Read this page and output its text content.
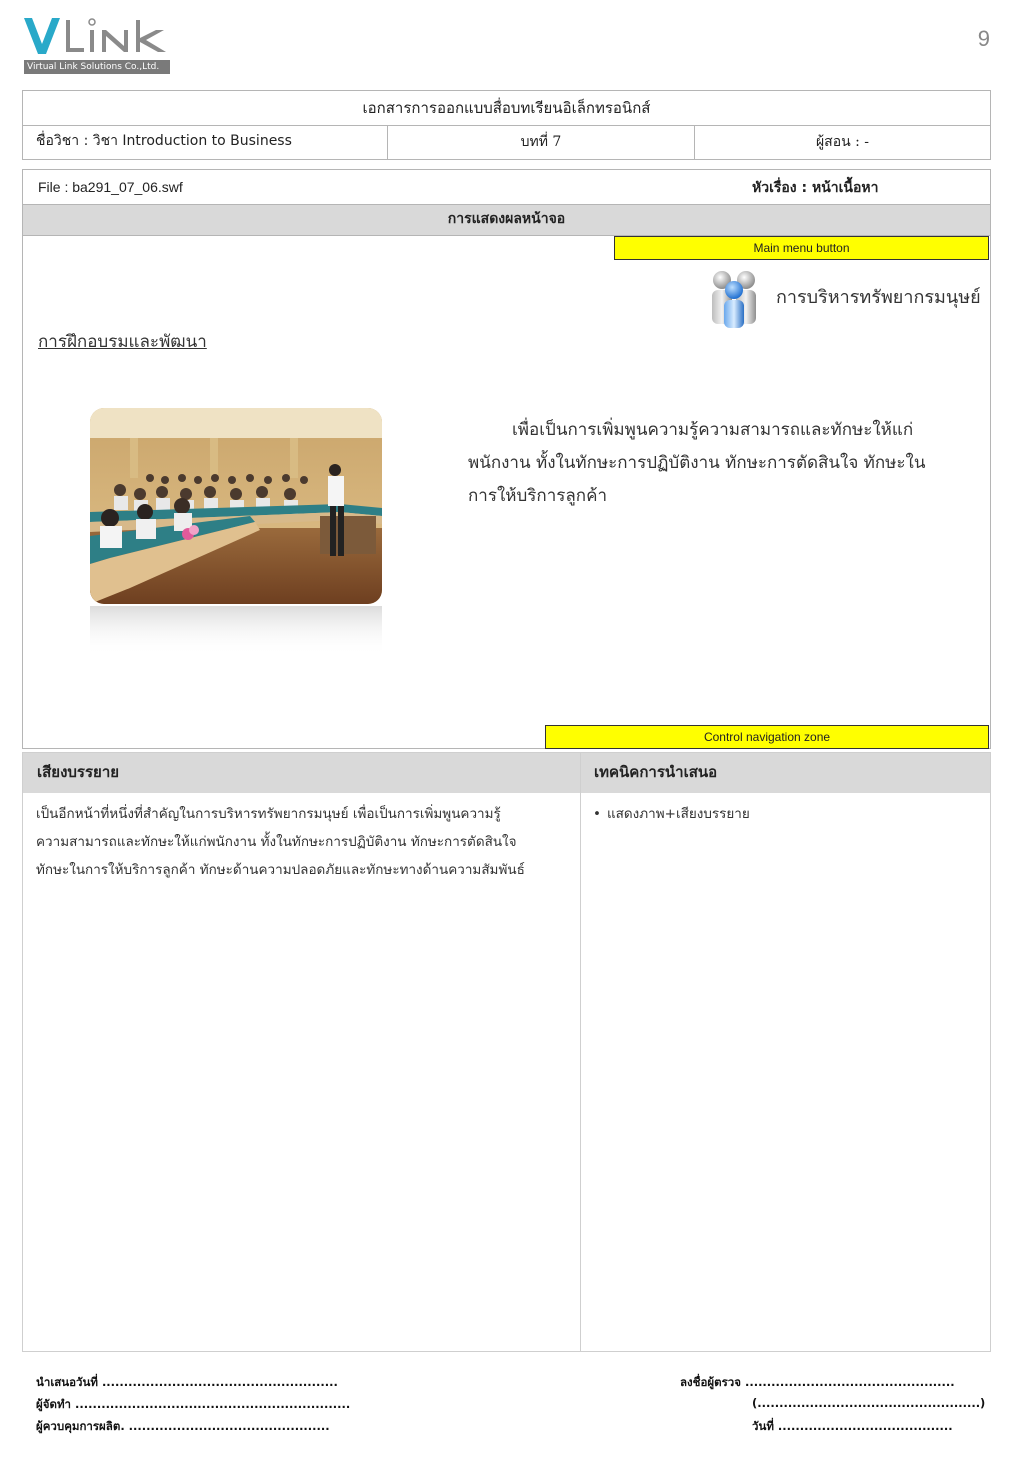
Virtual Link Solutions Co.,Ltd.
9
เอกสารการออกแบบสื่อบทเรียนอิเล็กทรอนิกส์
ชื่อวิชา : วิชา Introduction to Business	บทที่ 7	ผู้สอน : -
File : ba291_07_06.swf	หัวเรื่อง : หน้าเนื้อหา
การแสดงผลหน้าจอ
Main menu button
การบริหารทรัพยากรมนุษย์
การฝึกอบรมและพัฒนา
เพื่อเป็นการเพิ่มพูนความรู้ความสามารถและทักษะให้แก่
พนักงาน ทั้งในทักษะการปฏิบัติงาน ทักษะการตัดสินใจ ทักษะใน
การให้บริการลูกค้า
Control navigation zone
เสียงบรรยาย	เทคนิคการนำเสนอ
เป็นอีกหน้าที่หนึ่งที่สำคัญในการบริหารทรัพยากรมนุษย์ เพื่อเป็นการเพิ่มพูนความรู้
ความสามารถและทักษะให้แก่พนักงาน ทั้งในทักษะการปฏิบัติงาน ทักษะการตัดสินใจ
ทักษะในการให้บริการลูกค้า ทักษะด้านความปลอดภัยและทักษะทางด้านความสัมพันธ์
• แสดงภาพ+เสียงบรรยาย
นำเสนอวันที่ ......................................................
ผู้จัดทำ ...............................................................
ผู้ควบคุมการผลิต. ..............................................
ลงชื่อผู้ตรวจ ................................................
(...................................................)
วันที่ ........................................
